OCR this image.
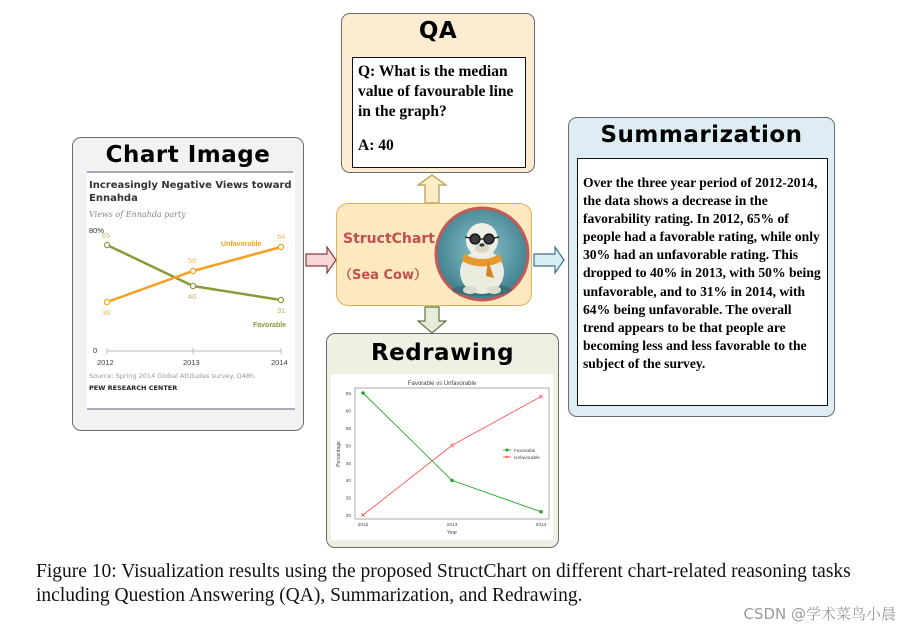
Chart Image
Increasingly Negative Views toward
Ennahda
Views of Ennahda party
80%
Unfavorable
Favorable
65
40
31
30
50
64
0
2012	2013	2014
Source: Spring 2014 Global Attitudes survey. Q48h.
PEW RESEARCH CENTER
QA
Q: What is the median value of favourable line in the graph?
A: 40
StructChart
（Sea Cow）
Summarization
Over the three year period of 2012-2014, the data shows a decrease in the favorability rating. In 2012, 65% of people had a favorable rating, while only 30% had an unfavorable rating. This dropped to 40% in 2013, with 50% being unfavorable, and to 31% in 2014, with 64% being unfavorable. The overall trend appears to be that people are becoming less and less favorable to the subject of the survey.
Redrawing
Favorable vs Unfavorable
65
60
55
50
45
40
35
30
2012	2013	2014
Year
Percentage	Favorable
Unfavorable
Figure 10: Visualization results using the proposed StructChart on different chart-related reasoning tasks including Question Answering (QA), Summarization, and Redrawing.
CSDN @学术菜鸟小晨
